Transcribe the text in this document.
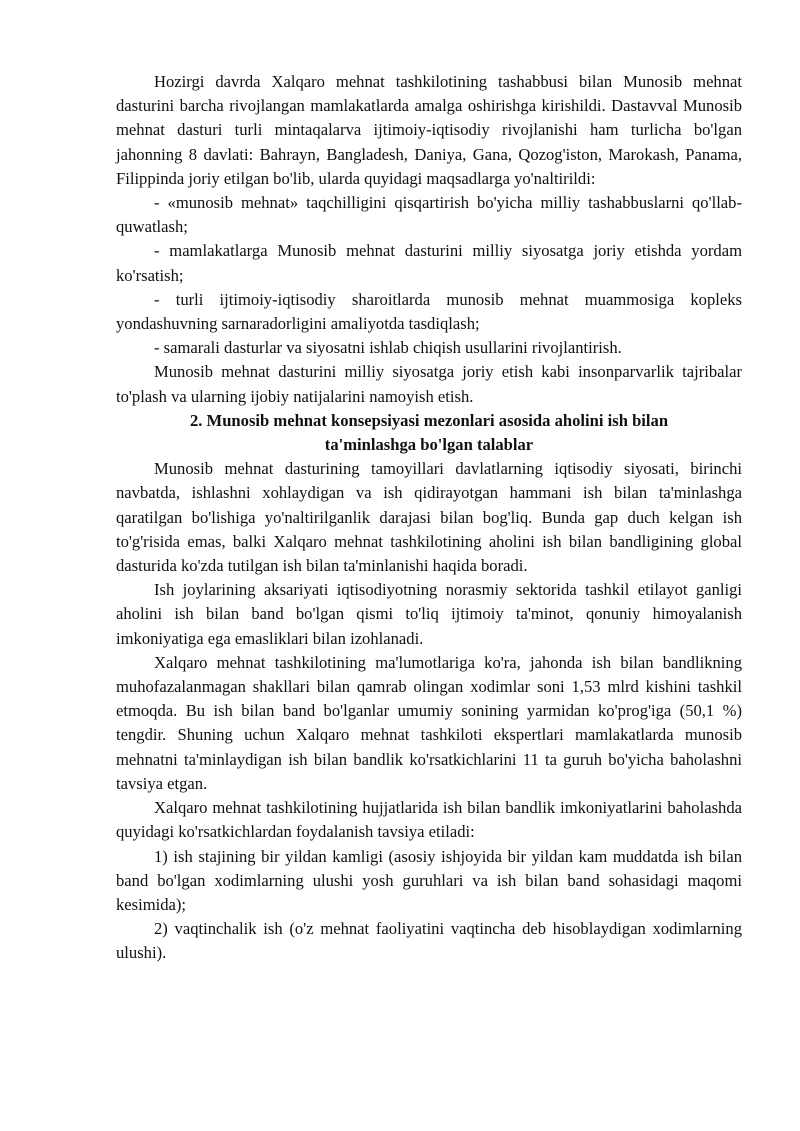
Hozirgi davrda Xalqaro mehnat tashkilotining tashabbusi bilan Munosib mehnat dasturini barcha rivojlangan mamlakatlarda amalga oshirishga kirishildi. Dastavval Munosib mehnat dasturi turli mintaqalarva ijtimoiy-iqtisodiy rivojlanishi ham turlicha bo'lgan jahonning 8 davlati: Bahrayn, Bangladesh, Daniya, Gana, Qozog'iston, Marokash, Panama, Filippinda joriy etilgan bo'lib, ularda quyidagi maqsadlarga yo'naltirildi:

- «munosib mehnat» taqchilligini qisqartirish bo'yicha milliy tashabbuslarni qo'llab-quwatlash;

- mamlakatlarga Munosib mehnat dasturini milliy siyosatga joriy etishda yordam ko'rsatish;

- turli ijtimoiy-iqtisodiy sharoitlarda munosib mehnat muammosiga kopleks yondashuvning sarnaradorligini amaliyotda tasdiqlash;

- samarali dasturlar va siyosatni ishlab chiqish usullarini rivojlantirish.

Munosib mehnat dasturini milliy siyosatga joriy etish kabi insonparvarlik tajribalar to'plash va ularning ijobiy natijalarini namoyish etish.

2. Munosib mehnat konsepsiyasi mezonlari asosida aholini ish bilan
ta'minlashga bo'lgan talablar

Munosib mehnat dasturining tamoyillari davlatlarning iqtisodiy siyosati, birinchi navbatda, ishlashni xohlaydigan va ish qidirayotgan hammani ish bilan ta'minlashga qaratilgan bo'lishiga yo'naltirilganlik darajasi bilan bog'liq. Bunda gap duch kelgan ish to'g'risida emas, balki Xalqaro mehnat tashkilotining aholini ish bilan bandligining global dasturida ko'zda tutilgan ish bilan ta'minlanishi haqida boradi.

Ish joylarining aksariyati iqtisodiyotning norasmiy sektorida tashkil etilayot ganligi aholini ish bilan band bo'lgan qismi to'liq ijtimoiy ta'minot, qonuniy himoyalanish imkoniyatiga ega emasliklari bilan izohlanadi.

Xalqaro mehnat tashkilotining ma'lumotlariga ko'ra, jahonda ish bilan bandlikning muhofazalanmagan shakllari bilan qamrab olingan xodimlar soni 1,53 mlrd kishini tashkil etmoqda. Bu ish bilan band bo'lganlar umumiy sonining yarmidan ko'prog'iga (50,1 %) tengdir. Shuning uchun Xalqaro mehnat tashkiloti ekspertlari mamlakatlarda munosib mehnatni ta'minlaydigan ish bilan bandlik ko'rsatkichlarini 11 ta guruh bo'yicha baholashni tavsiya etgan.

Xalqaro mehnat tashkilotining hujjatlarida ish bilan bandlik imkoniyatlarini baholashda quyidagi ko'rsatkichlardan foydalanish tavsiya etiladi:

1) ish stajining bir yildan kamligi (asosiy ishjoyida bir yildan kam muddatda ish bilan band bo'lgan xodimlarning ulushi yosh guruhlari va ish bilan band sohasidagi maqomi kesimida);

2) vaqtinchalik ish (o'z mehnat faoliyatini vaqtincha deb hisoblaydigan xodimlarning ulushi).
